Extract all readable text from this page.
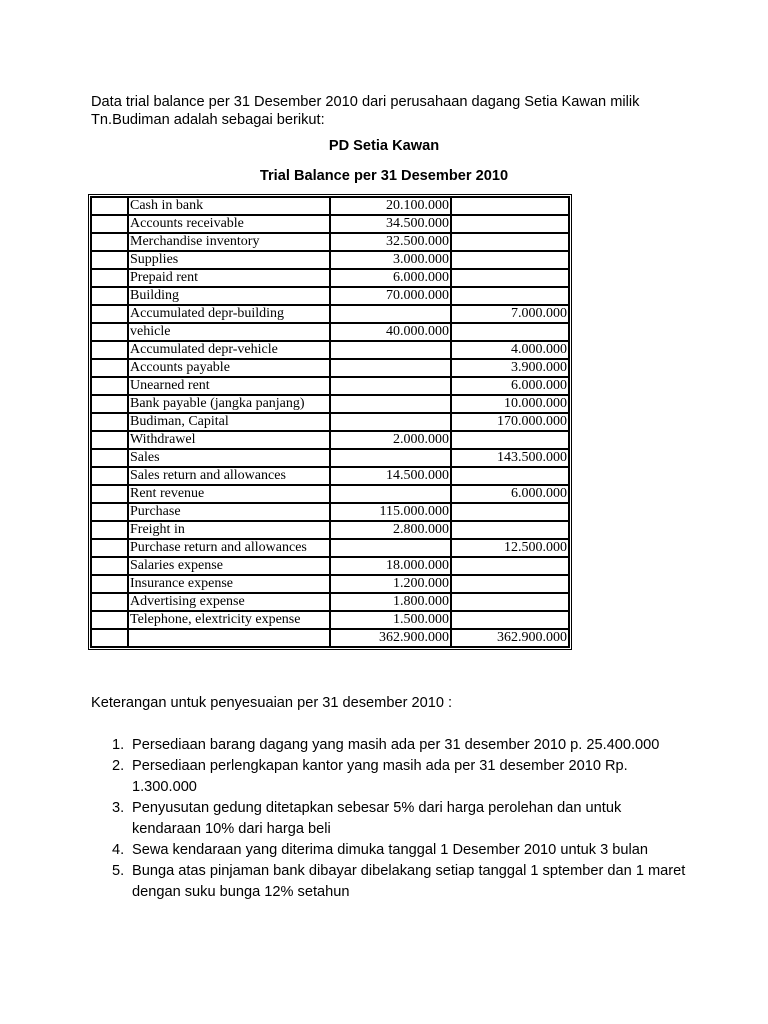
Data trial balance per 31 Desember 2010 dari perusahaan dagang Setia Kawan milik Tn.Budiman adalah sebagai berikut:

PD Setia Kawan

Trial Balance per 31 Desember 2010

	Cash in bank	20.100.000	
	Accounts receivable	34.500.000	
	Merchandise inventory	32.500.000	
	Supplies	3.000.000	
	Prepaid rent	6.000.000	
	Building	70.000.000	
	Accumulated depr-building		7.000.000
	vehicle	40.000.000	
	Accumulated depr-vehicle		4.000.000
	Accounts payable		3.900.000
	Unearned rent		6.000.000
	Bank payable (jangka panjang)		10.000.000
	Budiman, Capital		170.000.000
	Withdrawel	2.000.000	
	Sales		143.500.000
	Sales return and allowances	14.500.000	
	Rent revenue		6.000.000
	Purchase	115.000.000	
	Freight in	2.800.000	
	Purchase return and allowances		12.500.000
	Salaries expense	18.000.000	
	Insurance expense	1.200.000	
	Advertising expense	1.800.000	
	Telephone, elextricity expense	1.500.000	
		362.900.000	362.900.000

Keterangan untuk penyesuaian per 31 desember 2010 :

1. Persediaan barang dagang yang masih ada per 31 desember 2010 p. 25.400.000
2. Persediaan perlengkapan kantor yang masih ada per 31 desember 2010 Rp. 1.300.000
3. Penyusutan gedung ditetapkan sebesar 5% dari harga perolehan dan untuk kendaraan 10% dari harga beli
4. Sewa kendaraan yang diterima dimuka tanggal 1 Desember 2010 untuk 3 bulan
5. Bunga atas pinjaman bank dibayar dibelakang setiap tanggal 1 sptember dan 1 maret dengan suku bunga 12% setahun
